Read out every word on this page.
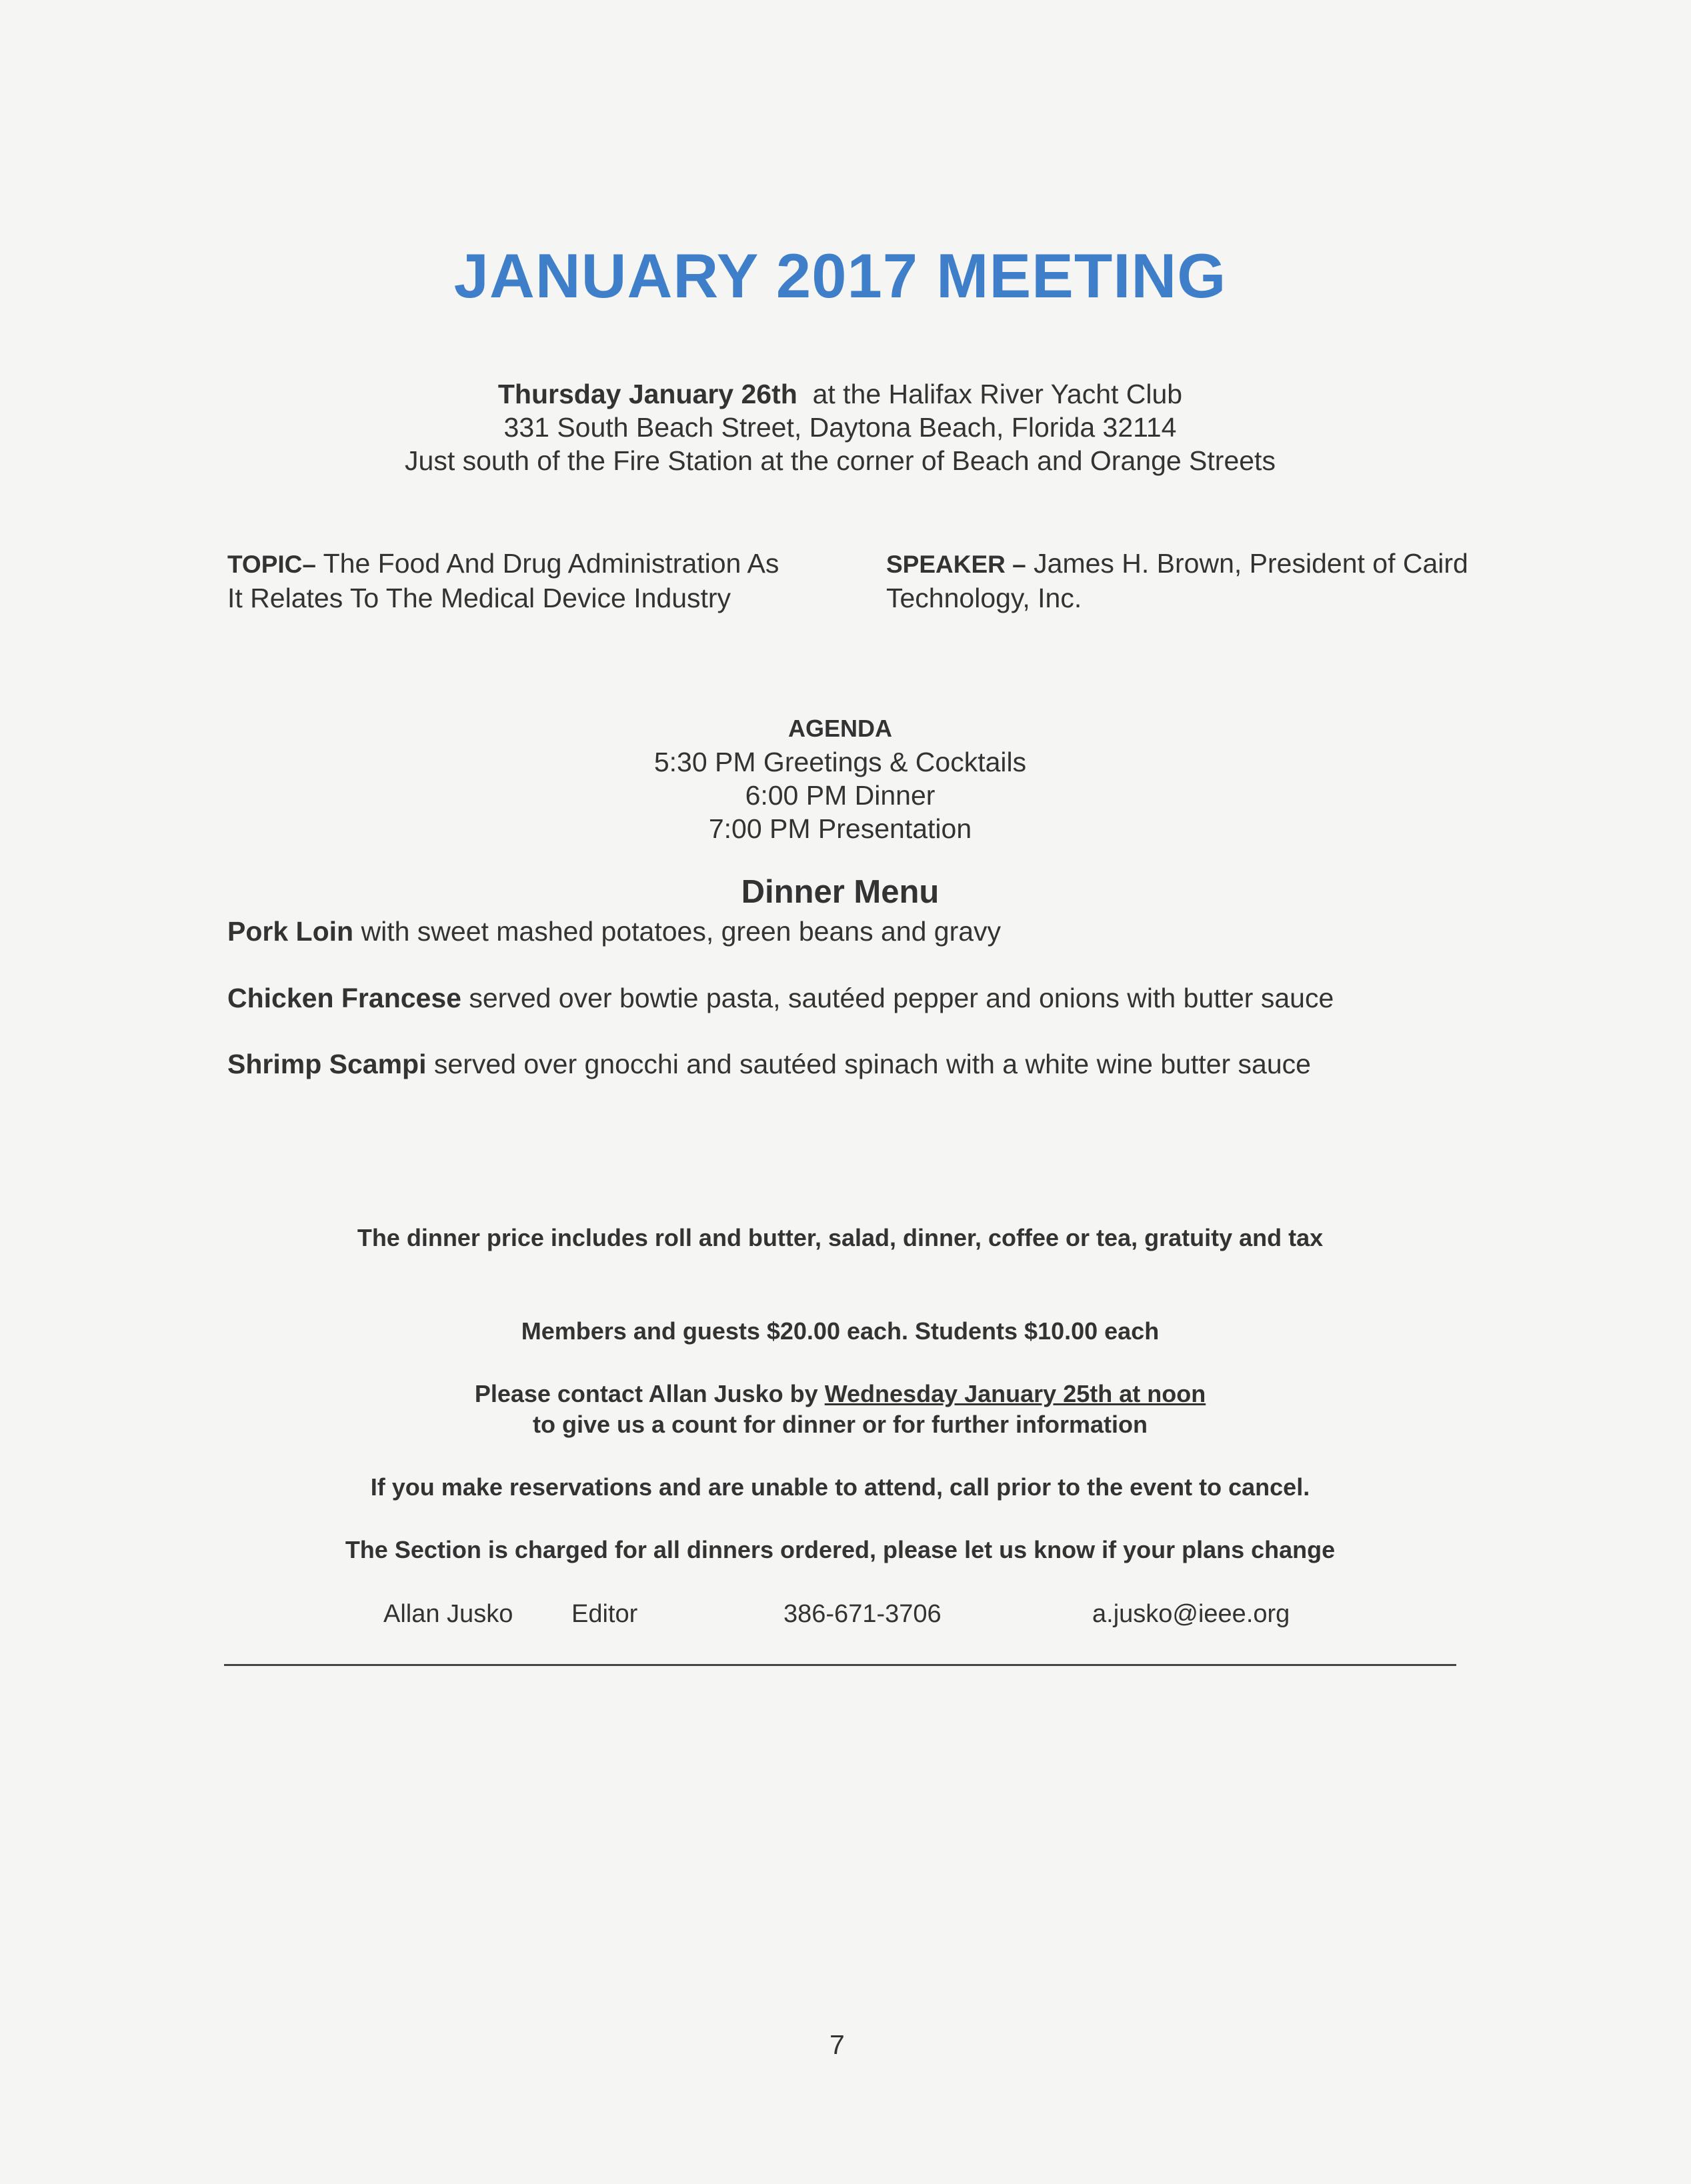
JANUARY 2017 MEETING
Thursday January 26th at the Halifax River Yacht Club
331 South Beach Street, Daytona Beach, Florida 32114
Just south of the Fire Station at the corner of Beach and Orange Streets
TOPIC– The Food And Drug Administration As It Relates To The Medical Device Industry
SPEAKER – James H. Brown, President of Caird Technology, Inc.
AGENDA
5:30 PM Greetings & Cocktails
6:00 PM Dinner
7:00 PM Presentation
Dinner Menu
Pork Loin with sweet mashed potatoes, green beans and gravy
Chicken Francese served over bowtie pasta, sautéed pepper and onions with butter sauce
Shrimp Scampi served over gnocchi and sautéed spinach with a white wine butter sauce
The dinner price includes roll and butter, salad, dinner, coffee or tea, gratuity and tax
Members and guests $20.00 each. Students $10.00 each
Please contact Allan Jusko by Wednesday January 25th at noon
to give us a count for dinner or for further information
If you make reservations and are unable to attend, call prior to the event to cancel.
The Section is charged for all dinners ordered, please let us know if your plans change
Allan Jusko Editor	386-671-3706	a.jusko@ieee.org
7
